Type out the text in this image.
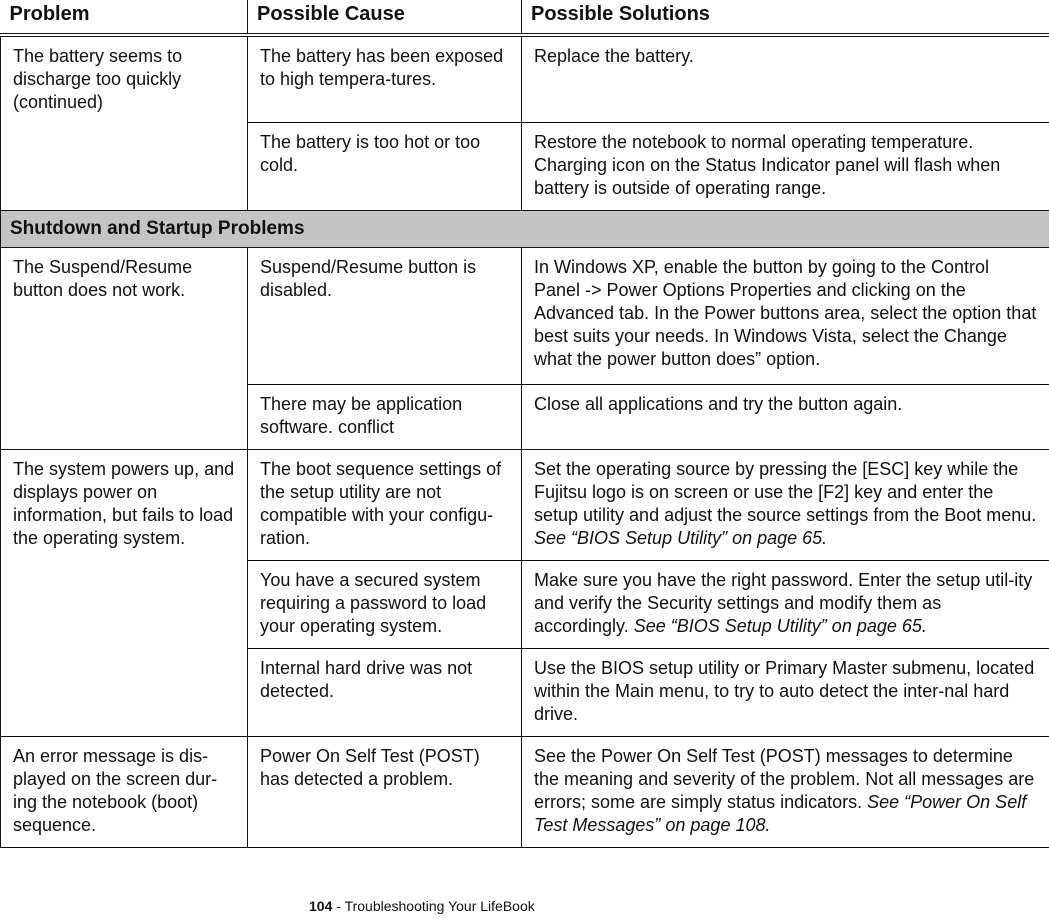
Problem	Possible Cause	Possible Solutions
The battery seems to discharge too quickly (continued)	The battery has been exposed to high tempera-tures.	Replace the battery.
	The battery is too hot or too cold.	Restore the notebook to normal operating temperature. Charging icon on the Status Indicator panel will flash when battery is outside of operating range.
Shutdown and Startup Problems		
The Suspend/Resume button does not work.	Suspend/Resume button is disabled.	In Windows XP, enable the button by going to the Control Panel -> Power Options Properties and clicking on the Advanced tab. In the Power buttons area, select the option that best suits your needs. In Windows Vista, select the Change what the power button does” option.
	There may be application software. conflict	Close all applications and try the button again.
The system powers up, and displays power on information, but fails to load the operating system.	The boot sequence settings of the setup utility are not compatible with your configu-ration.	Set the operating source by pressing the [ESC] key while the Fujitsu logo is on screen or use the [F2] key and enter the setup utility and adjust the source settings from the Boot menu. See “BIOS Setup Utility” on page 65.
	You have a secured system requiring a password to load your operating system.	Make sure you have the right password. Enter the setup util-ity and verify the Security settings and modify them as accordingly. See “BIOS Setup Utility” on page 65.
	Internal hard drive was not detected.	Use the BIOS setup utility or Primary Master submenu, located within the Main menu, to try to auto detect the inter-nal hard drive.
An error message is dis-played on the screen dur-ing the notebook (boot) sequence.	Power On Self Test (POST) has detected a problem.	See the Power On Self Test (POST) messages to determine the meaning and severity of the problem. Not all messages are errors; some are simply status indicators. See “Power On Self Test Messages” on page 108.
104 - Troubleshooting Your LifeBook
